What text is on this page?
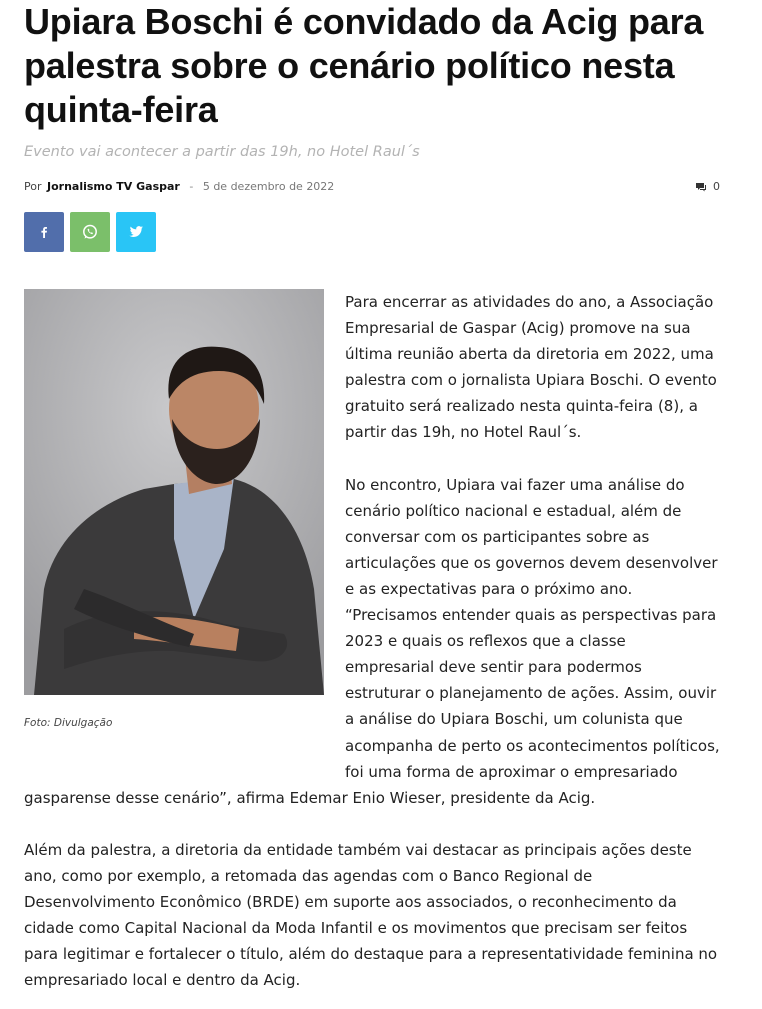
Upiara Boschi é convidado da Acig para palestra sobre o cenário político nesta quinta-feira

Evento vai acontecer a partir das 19h, no Hotel Raul´s

Por Jornalismo TV Gaspar - 5 de dezembro de 2022	0
Foto: Divulgação
Para encerrar as atividades do ano, a Associação
Empresarial de Gaspar (Acig) promove na sua
última reunião aberta da diretoria em 2022, uma
palestra com o jornalista Upiara Boschi. O evento
gratuito será realizado nesta quinta-feira (8), a
partir das 19h, no Hotel Raul´s.
No encontro, Upiara vai fazer uma análise do
cenário político nacional e estadual, além de
conversar com os participantes sobre as
articulações que os governos devem desenvolver
e as expectativas para o próximo ano.
“Precisamos entender quais as perspectivas para
2023 e quais os reflexos que a classe
empresarial deve sentir para podermos
estruturar o planejamento de ações. Assim, ouvir
a análise do Upiara Boschi, um colunista que
acompanha de perto os acontecimentos políticos,
foi uma forma de aproximar o empresariado
gasparense desse cenário”, afirma Edemar Enio Wieser, presidente da Acig.
Além da palestra, a diretoria da entidade também vai destacar as principais ações deste
ano, como por exemplo, a retomada das agendas com o Banco Regional de
Desenvolvimento Econômico (BRDE) em suporte aos associados, o reconhecimento da
cidade como Capital Nacional da Moda Infantil e os movimentos que precisam ser feitos
para legitimar e fortalecer o título, além do destaque para a representatividade feminina no
empresariado local e dentro da Acig.
